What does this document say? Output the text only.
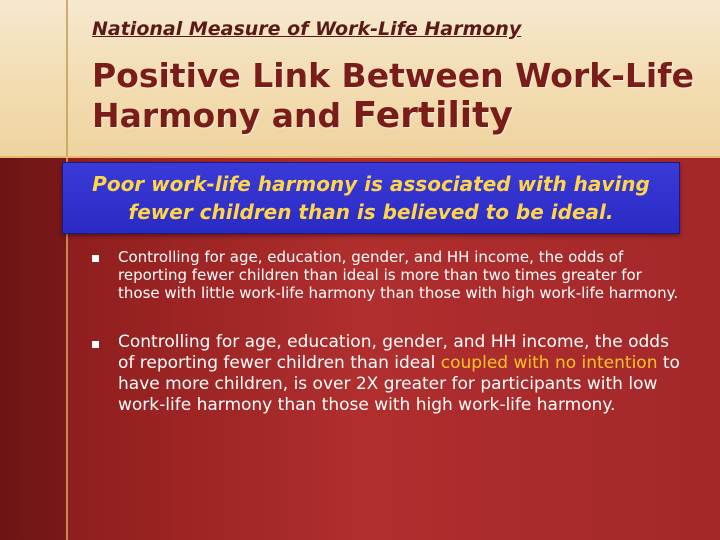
National Measure of Work-Life Harmony
Positive Link Between Work-Life Harmony and Fertility
Poor work-life harmony is associated with having fewer children than is believed to be ideal.
Controlling for age, education, gender, and HH income, the odds of reporting fewer children than ideal is more than two times greater for those with little work-life harmony than those with high work-life harmony.
Controlling for age, education, gender, and HH income, the odds of reporting fewer children than ideal coupled with no intention to have more children, is over 2X greater for participants with low work-life harmony than those with high work-life harmony.
